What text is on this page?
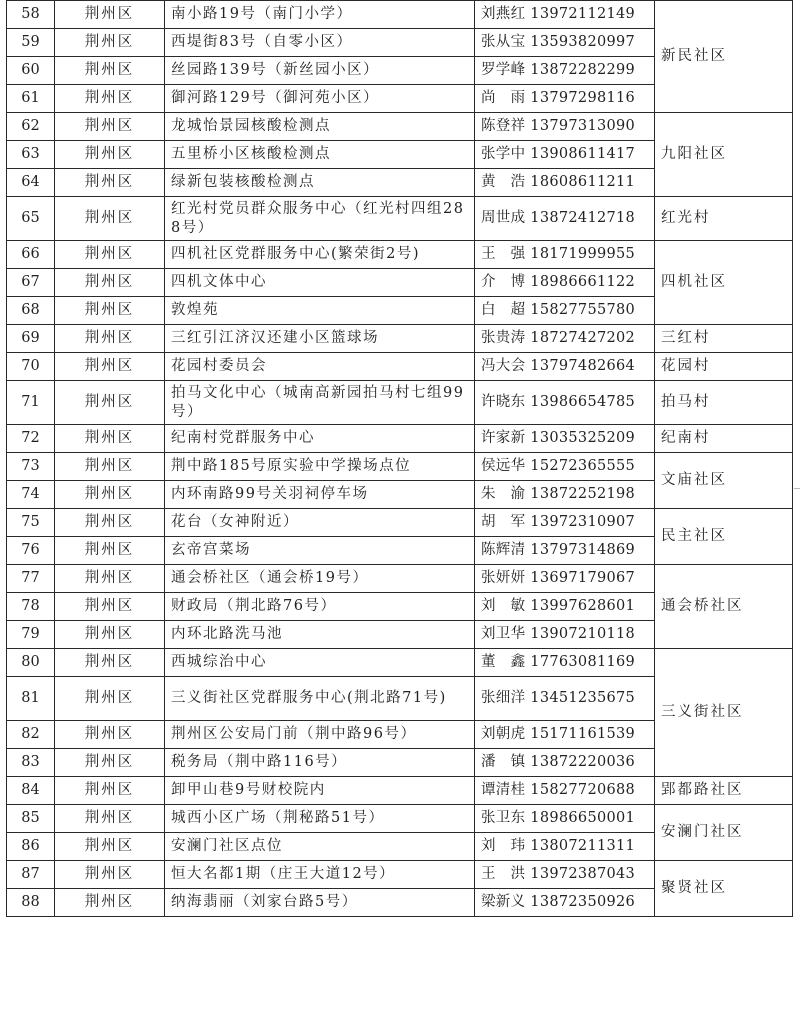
58	荆州区	南小路19号（南门小学）	刘燕红 13972112149	新民社区
59	荆州区	西堤街83号（自零小区）	张从宝 13593820997	
60	荆州区	丝园路139号（新丝园小区）	罗学峰 13872282299	
61	荆州区	御河路129号（御河苑小区）	尚　雨 13797298116	
62	荆州区	龙城怡景园核酸检测点	陈登祥 13797313090	九阳社区
63	荆州区	五里桥小区核酸检测点	张学中 13908611417	
64	荆州区	绿新包装核酸检测点	黄　浩 18608611211	
65	荆州区	红光村党员群众服务中心（红光村四组288号）	周世成 13872412718	红光村
66	荆州区	四机社区党群服务中心(繁荣街2号)	王　强 18171999955	四机社区
67	荆州区	四机文体中心	介　博 18986661122	
68	荆州区	敦煌苑	白　超 15827755780	
69	荆州区	三红引江济汉还建小区篮球场	张贵涛 18727427202	三红村
70	荆州区	花园村委员会	冯大会 13797482664	花园村
71	荆州区	拍马文化中心（城南高新园拍马村七组99号）	许晓东 13986654785	拍马村
72	荆州区	纪南村党群服务中心	许家新 13035325209	纪南村
73	荆州区	荆中路185号原实验中学操场点位	侯远华 15272365555	文庙社区
74	荆州区	内环南路99号关羽祠停车场	朱　渝 13872252198	
75	荆州区	花台（女神附近）	胡　军 13972310907	民主社区
76	荆州区	玄帝宫菜场	陈辉清 13797314869	
77	荆州区	通会桥社区（通会桥19号）	张妍妍 13697179067	通会桥社区
78	荆州区	财政局（荆北路76号）	刘　敏 13997628601	
79	荆州区	内环北路洗马池	刘卫华 13907210118	
80	荆州区	西城综治中心	董　鑫 17763081169	三义街社区
81	荆州区	三义街社区党群服务中心(荆北路71号)	张细洋 13451235675	
82	荆州区	荆州区公安局门前（荆中路96号）	刘朝虎 15171161539	
83	荆州区	税务局（荆中路116号）	潘　镇 13872220036	
84	荆州区	卸甲山巷9号财校院内	谭清桂 15827720688	郢都路社区
85	荆州区	城西小区广场（荆秘路51号）	张卫东 18986650001	安澜门社区
86	荆州区	安澜门社区点位	刘　玮 13807211311	
87	荆州区	恒大名都1期（庄王大道12号）	王　洪 13972387043	聚贤社区
88	荆州区	纳海翡丽（刘家台路5号）	梁新义 13872350926	
